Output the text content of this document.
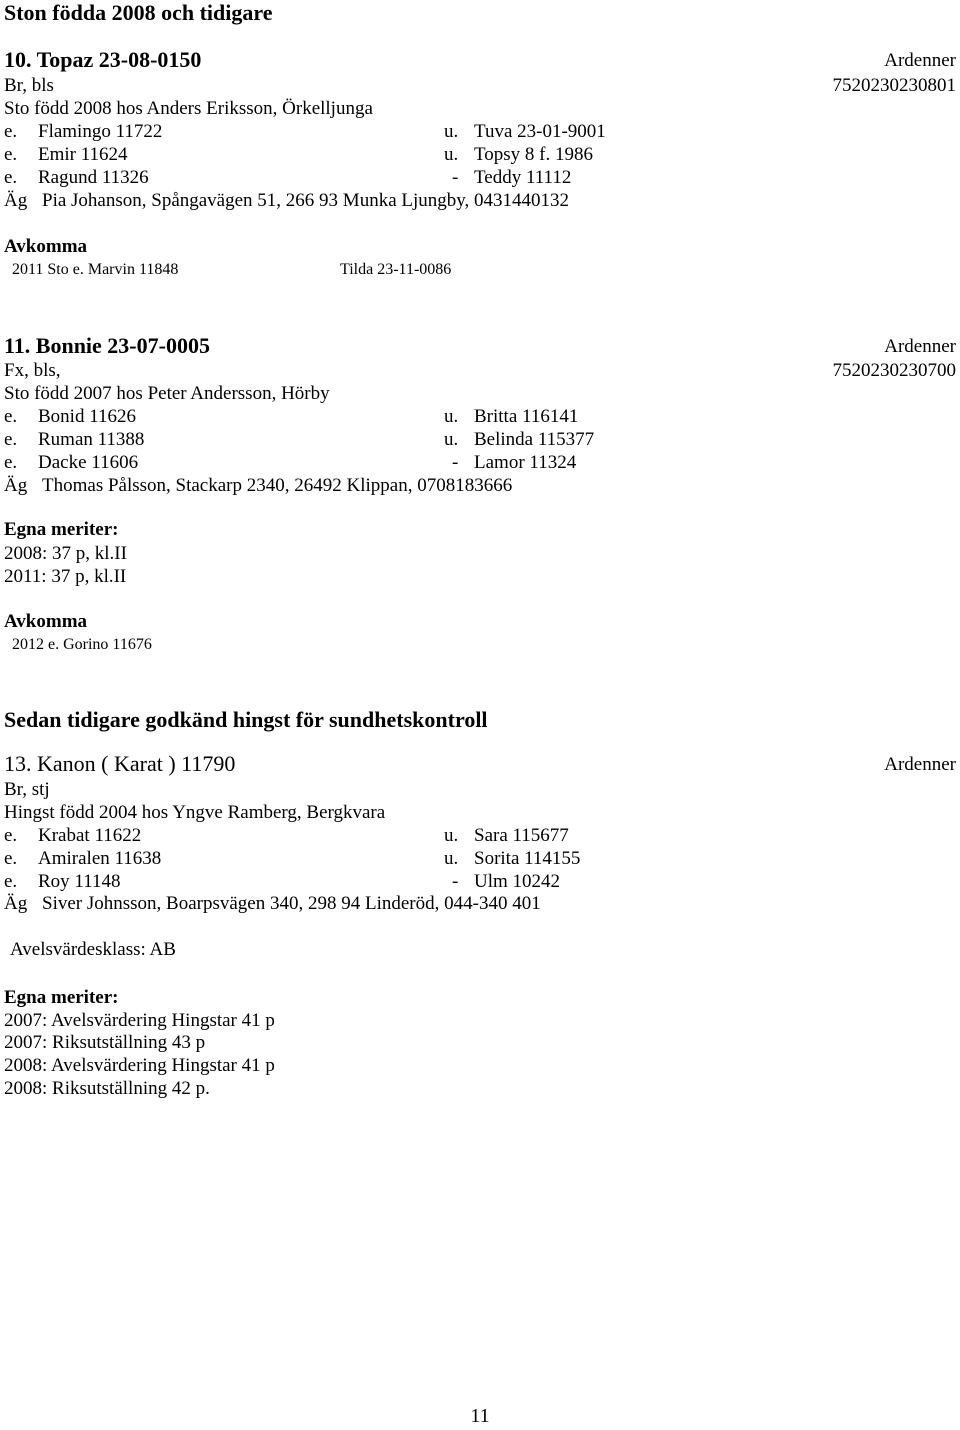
Ston födda 2008 och tidigare
10. Topaz 23-08-0150	Ardenner
Br, bls	7520230230801
Sto född 2008 hos Anders Eriksson, Örkelljunga
e. Flamingo 11722	u. Tuva 23-01-9001
e. Emir 11624	u. Topsy 8 f. 1986
e. Ragund 11326	- Teddy 11112
Äg Pia Johanson, Spångavägen 51, 266 93 Munka Ljungby, 0431440132
Avkomma
2011 Sto e. Marvin 11848	Tilda 23-11-0086
11. Bonnie 23-07-0005	Ardenner
Fx, bls,	7520230230700
Sto född 2007 hos Peter Andersson, Hörby
e. Bonid 11626	u. Britta 116141
e. Ruman 11388	u. Belinda 115377
e. Dacke 11606	- Lamor 11324
Äg Thomas Pålsson, Stackarp 2340, 26492 Klippan, 0708183666
Egna meriter:
2008: 37 p, kl.II
2011: 37 p, kl.II
Avkomma
2012 e. Gorino 11676
Sedan tidigare godkänd hingst för sundhetskontroll
13. Kanon ( Karat ) 11790	Ardenner
Br, stj
Hingst född 2004 hos Yngve Ramberg, Bergkvara
e. Krabat 11622	u. Sara 115677
e. Amiralen 11638	u. Sorita 114155
e. Roy 11148	- Ulm 10242
Äg Siver Johnsson, Boarpsvägen 340, 298 94 Linderöd, 044-340 401
Avelsvärdesklass: AB
Egna meriter:
2007: Avelsvärdering Hingstar 41 p
2007: Riksutställning 43 p
2008: Avelsvärdering Hingstar 41 p
2008: Riksutställning 42 p.
11
